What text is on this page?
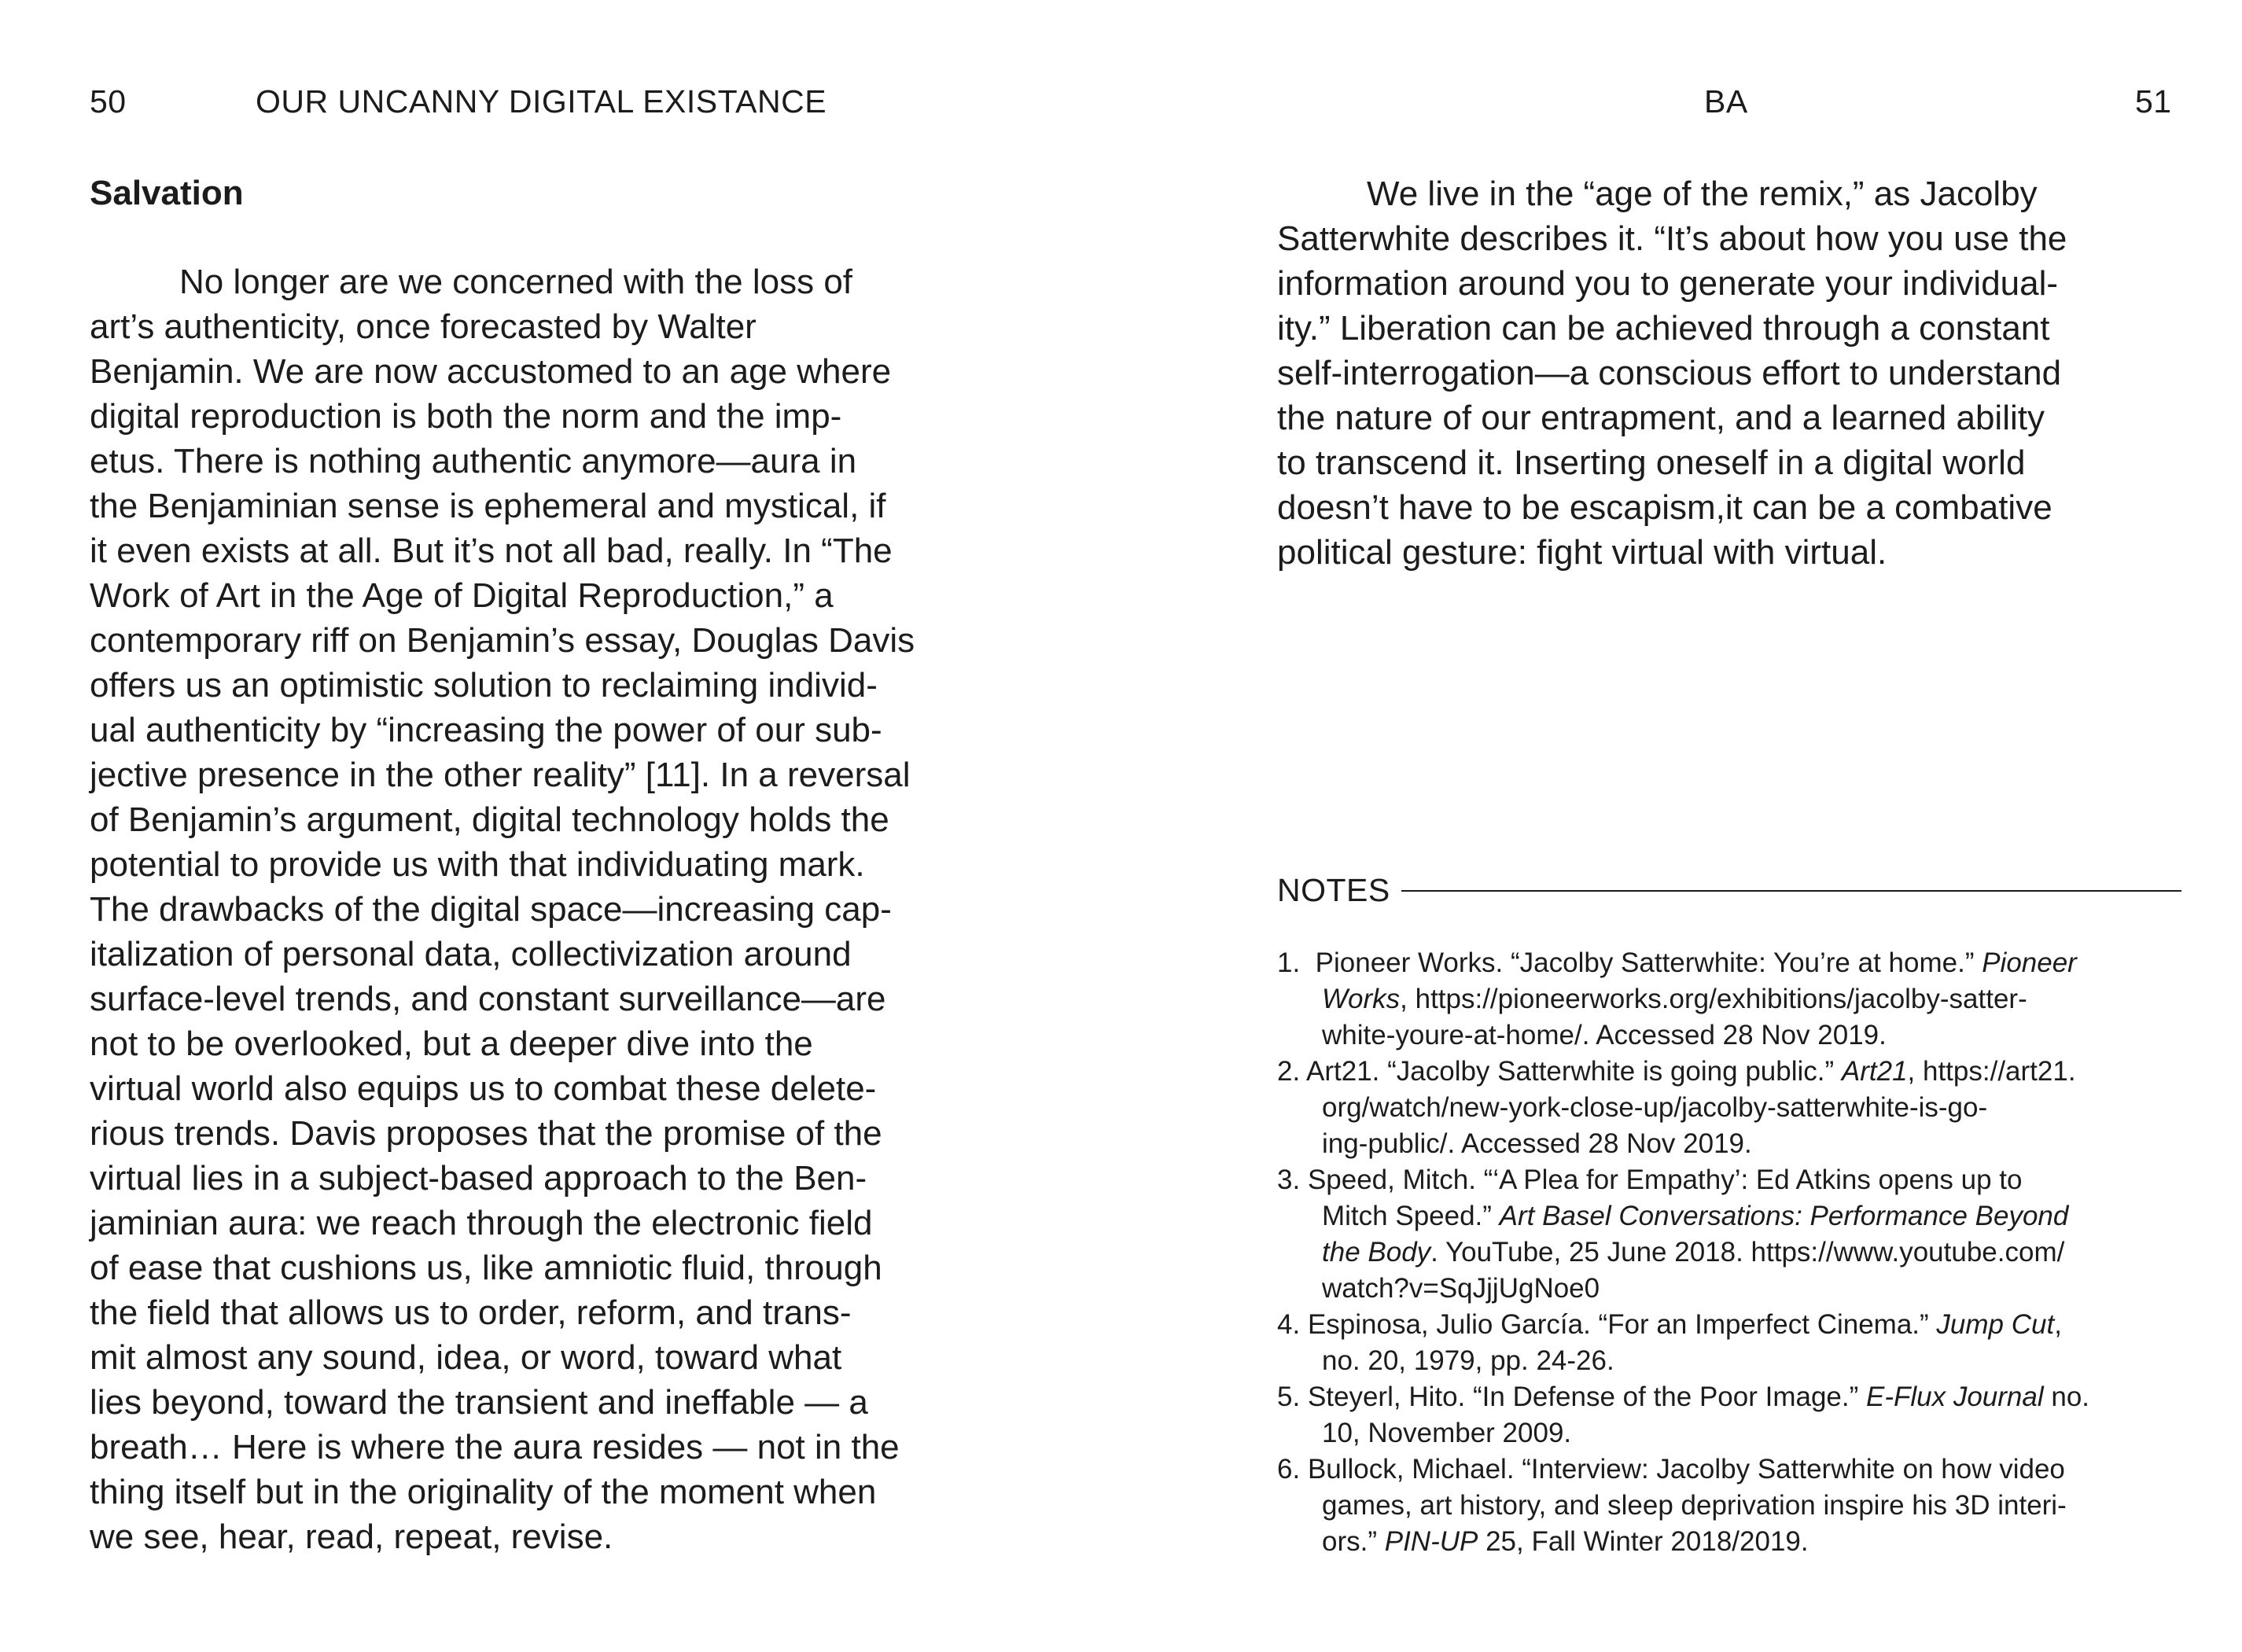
50	OUR UNCANNY DIGITAL EXISTANCE
Salvation

No longer are we concerned with the loss of
art’s authenticity, once forecasted by Walter
Benjamin. We are now accustomed to an age where
digital reproduction is both the norm and the imp-
etus. There is nothing authentic anymore—aura in
the Benjaminian sense is ephemeral and mystical, if
it even exists at all. But it’s not all bad, really. In “The
Work of Art in the Age of Digital Reproduction,” a
contemporary riff on Benjamin’s essay, Douglas Davis
offers us an optimistic solution to reclaiming individ-
ual authenticity by “increasing the power of our sub-
jective presence in the other reality” [11]. In a reversal
of Benjamin’s argument, digital technology holds the
potential to provide us with that individuating mark.
The drawbacks of the digital space—increasing cap-
italization of personal data, collectivization around
surface-level trends, and constant surveillance—are
not to be overlooked, but a deeper dive into the
virtual world also equips us to combat these delete-
rious trends. Davis proposes that the promise of the
virtual lies in a subject-based approach to the Ben-
jaminian aura: we reach through the electronic field
of ease that cushions us, like amniotic fluid, through
the field that allows us to order, reform, and trans-
mit almost any sound, idea, or word, toward what
lies beyond, toward the transient and ineffable — a
breath… Here is where the aura resides — not in the
thing itself but in the originality of the moment when
we see, hear, read, repeat, revise.

BA	51

We live in the “age of the remix,” as Jacolby
Satterwhite describes it. “It’s about how you use the
information around you to generate your individual-
ity.” Liberation can be achieved through a constant
self-interrogation—a conscious effort to understand
the nature of our entrapment, and a learned ability
to transcend it. Inserting oneself in a digital world
doesn’t have to be escapism,it can be a combative
political gesture: fight virtual with virtual.

NOTES
1. Pioneer Works. “Jacolby Satterwhite: You’re at home.” Pioneer
Works, https://pioneerworks.org/exhibitions/jacolby-satter-
white-youre-at-home/. Accessed 28 Nov 2019.
2. Art21. “Jacolby Satterwhite is going public.” Art21, https://art21.
org/watch/new-york-close-up/jacolby-satterwhite-is-go-
ing-public/. Accessed 28 Nov 2019.
3. Speed, Mitch. “‘A Plea for Empathy’: Ed Atkins opens up to
Mitch Speed.” Art Basel Conversations: Performance Beyond
the Body. YouTube, 25 June 2018. https://www.youtube.com/
watch?v=SqJjjUgNoe0
4. Espinosa, Julio García. “For an Imperfect Cinema.” Jump Cut,
no. 20, 1979, pp. 24-26.
5. Steyerl, Hito. “In Defense of the Poor Image.” E-Flux Journal no.
10, November 2009.
6. Bullock, Michael. “Interview: Jacolby Satterwhite on how video
games, art history, and sleep deprivation inspire his 3D interi-
ors.” PIN-UP 25, Fall Winter 2018/2019.
